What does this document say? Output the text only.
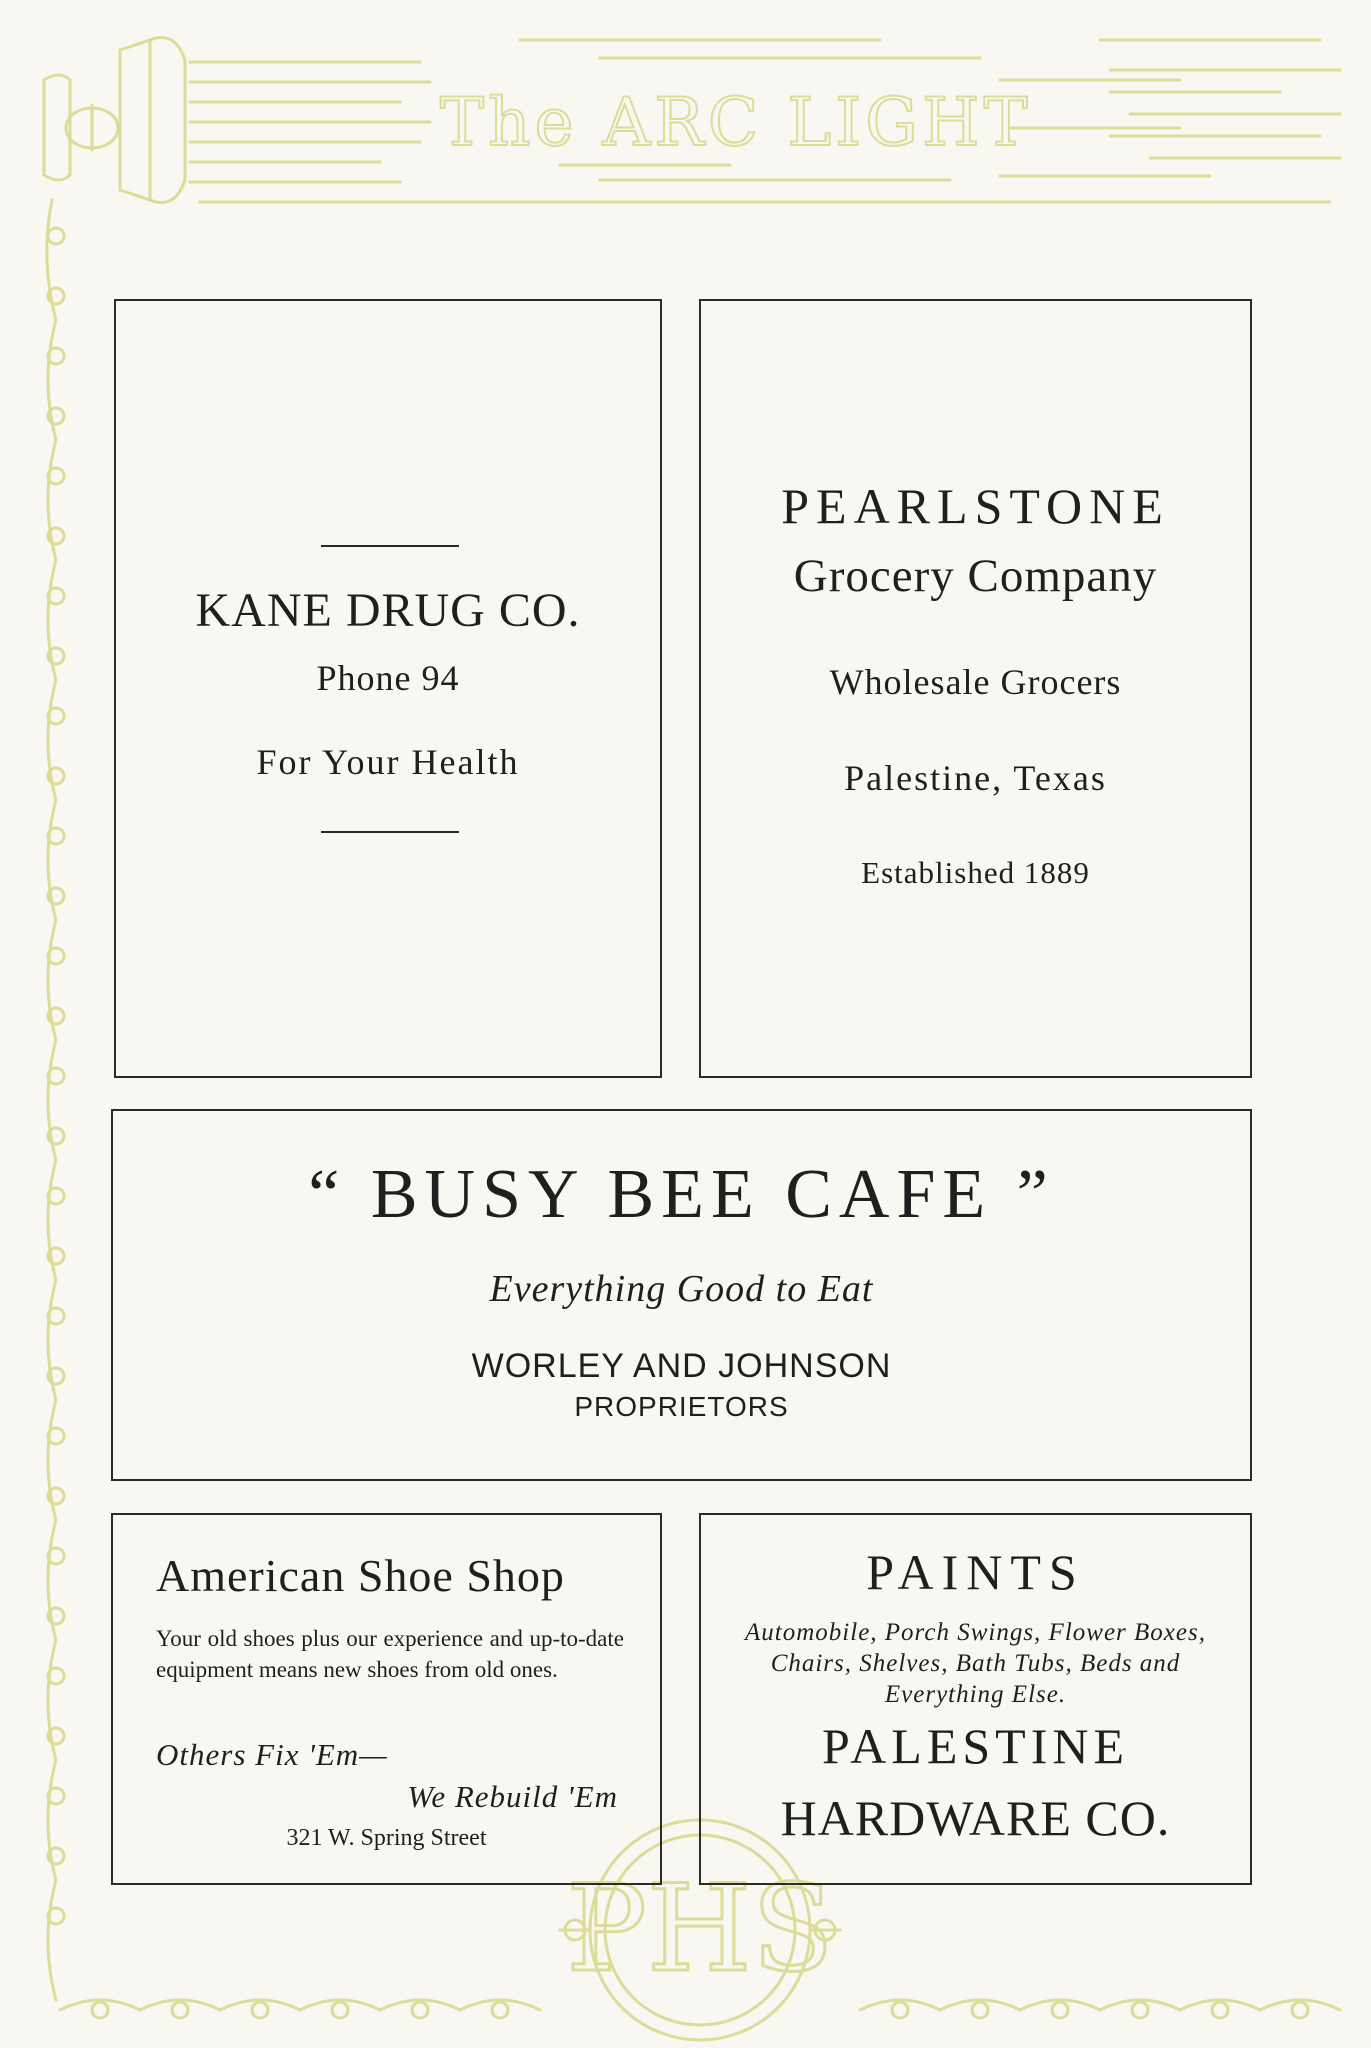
The ARC LIGHT
PHS
KANE DRUG CO.
Phone 94
For Your Health
PEARLSTONE
Grocery Company
Wholesale Grocers
Palestine, Texas
Established 1889
“ BUSY BEE CAFE ”
Everything Good to Eat
WORLEY AND JOHNSON
PROPRIETORS
American Shoe Shop
Your old shoes plus our experience and up-to-date equipment means new shoes from old ones.
Others Fix 'Em—
We Rebuild 'Em
321 W. Spring Street
PAINTS
Automobile, Porch Swings, Flower Boxes, Chairs, Shelves, Bath Tubs, Beds and Everything Else.
PALESTINE
HARDWARE CO.
